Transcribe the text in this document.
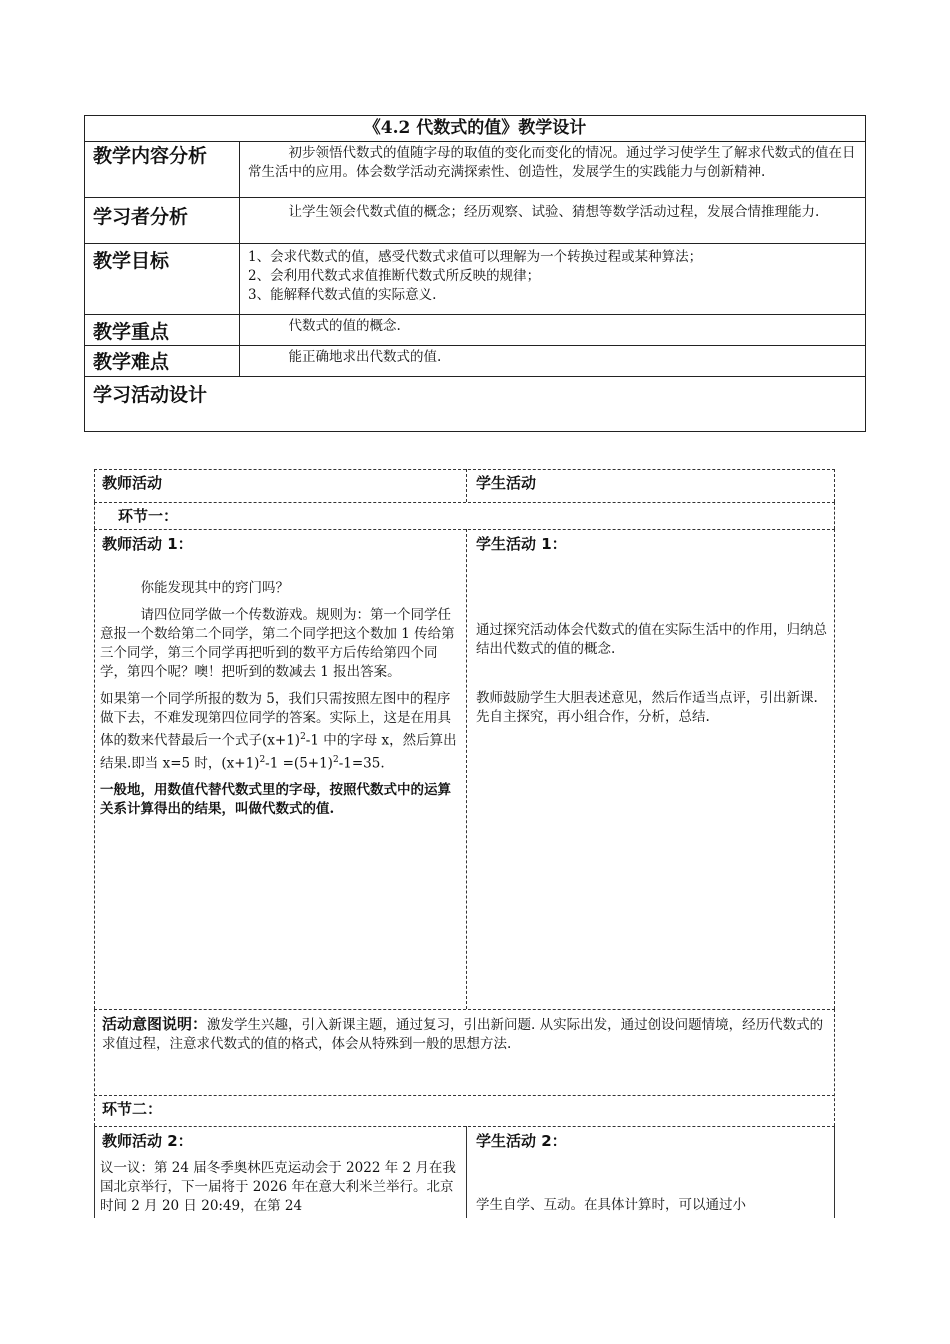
《4.2 代数式的值》教学设计
教学内容分析	初步领悟代数式的值随字母的取值的变化而变化的情况。通过学习使学生了解求代数式的值在日常生活中的应用。体会数学活动充满探索性、创造性，发展学生的实践能力与创新精神.
学习者分析	让学生领会代数式值的概念；经历观察、试验、猜想等数学活动过程，发展合情推理能力.
教学目标	1、会求代数式的值，感受代数式求值可以理解为一个转换过程或某种算法；

2、会利用代数式求值推断代数式所反映的规律；

3、能解释代数式值的实际意义.

教学重点	代数式的值的概念.
教学难点	能正确地求出代数式的值.
学习活动设计
教师活动	学生活动
环节一：
教师活动 1：

你能发现其中的窍门吗？

请四位同学做一个传数游戏。规则为：第一个同学任意报一个数给第二个同学，第二个同学把这个数加 1 传给第三个同学，第三个同学再把听到的数平方后传给第四个同学，第四个呢？噢！把听到的数减去 1 报出答案。

如果第一个同学所报的数为 5，我们只需按照左图中的程序做下去，不难发现第四位同学的答案。实际上，这是在用具体的数来代替最后一个式子$(x+1)^2-1$ 中的字母 x，然后算出结果.即当 x=5 时，$(x+1)^2-1 =(5+1)^2-1=35$.

一般地，用数值代替代数式里的字母，按照代数式中的运算关系计算得出的结果，叫做代数式的值.

学生活动 1：

通过探究活动体会代数式的值在实际生活中的作用，归纳总结出代数式的值的概念.

教师鼓励学生大胆表述意见，然后作适当点评，引出新课. 先自主探究，再小组合作，分析，总结.

活动意图说明：激发学生兴趣，引入新课主题，通过复习，引出新问题. 从实际出发，通过创设问题情境，经历代数式的求值过程，注意求代数式的值的格式，体会从特殊到一般的思想方法.
环节二：
教师活动 2：
议一议：第 24 届冬季奥林匹克运动会于 2022 年 2 月在我国北京举行，下一届将于 2026 年在意大利米兰举行。北京时间 2 月 20 日 20:49，在第 24
学生活动 2：
学生自学、互动。在具体计算时，可以通过小
